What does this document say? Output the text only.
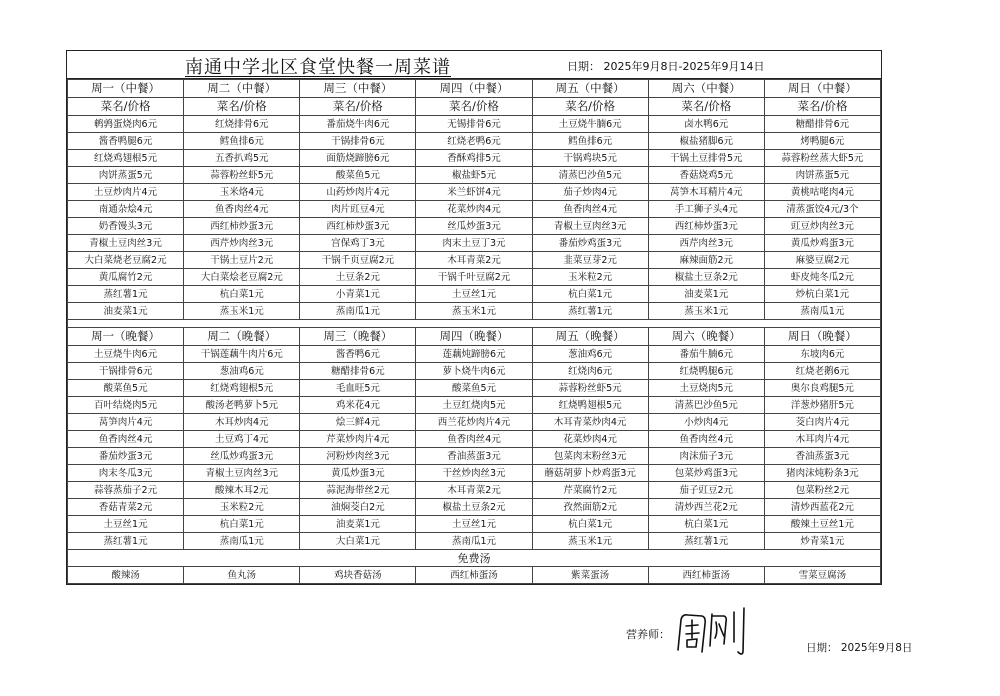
南通中学北区食堂快餐一周菜谱	日期： 2025年9月8日-2025年9月14日
周一（中餐）	周二（中餐）	周三（中餐）	周四（中餐）	周五（中餐）	周六（中餐）	周日（中餐）
菜名/价格	菜名/价格	菜名/价格	菜名/价格	菜名/价格	菜名/价格	菜名/价格
鹌鹑蛋烧肉6元	红烧排骨6元	番茄烧牛肉6元	无锡排骨6元	土豆烧牛腩6元	卤水鸭6元	糖醋排骨6元
酱香鸭腿6元	鳕鱼排6元	干锅排骨6元	红烧老鸭6元	鳕鱼排6元	椒盐猪脚6元	烤鸭腿6元
红烧鸡翅根5元	五香扒鸡5元	面筋烧蹄膀6元	香酥鸡排5元	干锅鸡块5元	干锅土豆排骨5元	蒜蓉粉丝蒸大虾5元
肉饼蒸蛋5元	蒜蓉粉丝虾5元	酸菜鱼5元	椒盐虾5元	清蒸巴沙鱼5元	香菇烧鸡5元	肉饼蒸蛋5元
土豆炒肉片4元	玉米烙4元	山药炒肉片4元	米兰虾饼4元	茄子炒肉4元	莴笋木耳精片4元	黄桃咕咾肉4元
南通杂烩4元	鱼香肉丝4元	肉片豇豆4元	花菜炒肉4元	鱼香肉丝4元	手工狮子头4元	清蒸蛋饺4元/3个
奶香馒头3元	西红柿炒蛋3元	西红柿炒蛋3元	丝瓜炒蛋3元	青椒土豆肉丝3元	西红柿炒蛋3元	豇豆炒肉丝3元
青椒土豆肉丝3元	西芹炒肉丝3元	宫保鸡丁3元	肉末土豆丁3元	番茄炒鸡蛋3元	西芹肉丝3元	黄瓜炒鸡蛋3元
大白菜烧老豆腐2元	干锅土豆片2元	干锅千页豆腐2元	木耳青菜2元	韭菜豆芽2元	麻辣面筋2元	麻婆豆腐2元
黄瓜腐竹2元	大白菜烩老豆腐2元	土豆条2元	干锅千叶豆腐2元	玉米粒2元	椒盐土豆条2元	虾皮炖冬瓜2元
蒸红薯1元	杭白菜1元	小青菜1元	土豆丝1元	杭白菜1元	油麦菜1元	炒杭白菜1元
油麦菜1元	蒸玉米1元	蒸南瓜1元	蒸玉米1元	蒸红薯1元	蒸玉米1元	蒸南瓜1元

周一（晚餐）	周二（晚餐）	周三（晚餐）	周四（晚餐）	周五（晚餐）	周六（晚餐）	周日（晚餐）
土豆烧牛肉6元	干锅莲藕牛肉片6元	酱香鸭6元	莲藕炖蹄膀6元	葱油鸡6元	番茄牛腩6元	东坡肉6元
干锅排骨6元	葱油鸡6元	糖醋排骨6元	萝卜烧牛肉6元	红烧肉6元	红烧鸭腿6元	红烧老鹅6元
酸菜鱼5元	红烧鸡翅根5元	毛血旺5元	酸菜鱼5元	蒜蓉粉丝虾5元	土豆烧肉5元	奥尔良鸡腿5元
百叶结烧肉5元	酸汤老鸭萝卜5元	鸡米花4元	土豆红烧肉5元	红烧鸭翅根5元	清蒸巴沙鱼5元	洋葱炒猪肝5元
莴笋肉片4元	木耳炒肉4元	烩三鲜4元	西兰花炒肉片4元	木耳青菜炒肉4元	小炒肉4元	茭白肉片4元
鱼香肉丝4元	土豆鸡丁4元	芹菜炒肉片4元	鱼香肉丝4元	花菜炒肉4元	鱼香肉丝4元	木耳肉片4元
番茄炒蛋3元	丝瓜炒鸡蛋3元	河粉炒肉丝3元	香油蒸蛋3元	包菜肉末粉丝3元	肉沫茄子3元	香油蒸蛋3元
肉末冬瓜3元	青椒土豆肉丝3元	黄瓜炒蛋3元	干丝炒肉丝3元	蘑菇胡萝卜炒鸡蛋3元	包菜炒鸡蛋3元	猪肉沫炖粉条3元
蒜蓉蒸茄子2元	酸辣木耳2元	蒜泥海带丝2元	木耳青菜2元	芹菜腐竹2元	茄子豇豆2元	包菜粉丝2元
香菇青菜2元	玉米粒2元	油焖茭白2元	椒盐土豆条2元	孜然面筋2元	清炒西兰花2元	清炒西蓝花2元
土豆丝1元	杭白菜1元	油麦菜1元	土豆丝1元	杭白菜1元	杭白菜1元	酸辣土豆丝1元
蒸红薯1元	蒸南瓜1元	大白菜1元	蒸南瓜1元	蒸玉米1元	蒸红薯1元	炒青菜1元
免费汤						
酸辣汤	鱼丸汤	鸡块香菇汤	西红柿蛋汤	紫菜蛋汤	西红柿蛋汤	雪菜豆腐汤
营养师：
日期： 2025年9月8日
